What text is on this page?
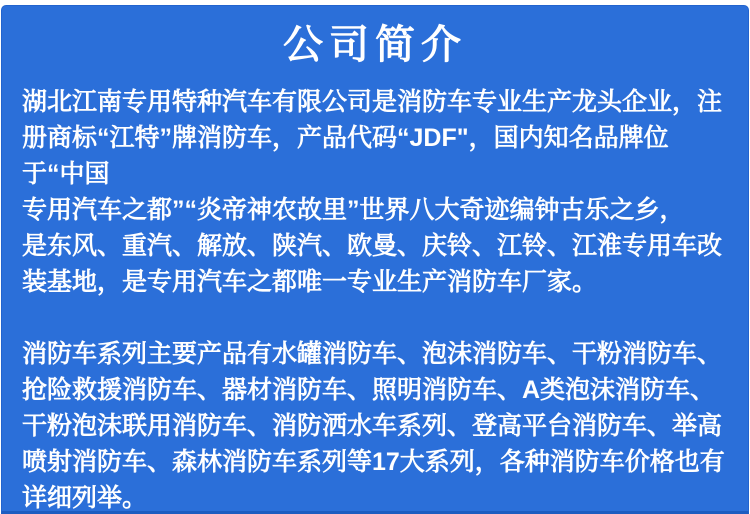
公司简介
湖北江南专用特种汽车有限公司是消防车专业生产龙头企业，注
册商标“江特”牌消防车，产品代码“JDF"，国内知名品牌位
于“中国
专用汽车之都”“炎帝神农故里”世界八大奇迹编钟古乐之乡，
是东风、重汽、解放、陕汽、欧曼、庆铃、江铃、江淮专用车改
装基地，是专用汽车之都唯一专业生产消防车厂家。
消防车系列主要产品有水罐消防车、泡沫消防车、干粉消防车、
抢险救援消防车、器材消防车、照明消防车、A类泡沫消防车、
干粉泡沫联用消防车、消防洒水车系列、登高平台消防车、举高
喷射消防车、森林消防车系列等17大系列，各种消防车价格也有
详细列举。
